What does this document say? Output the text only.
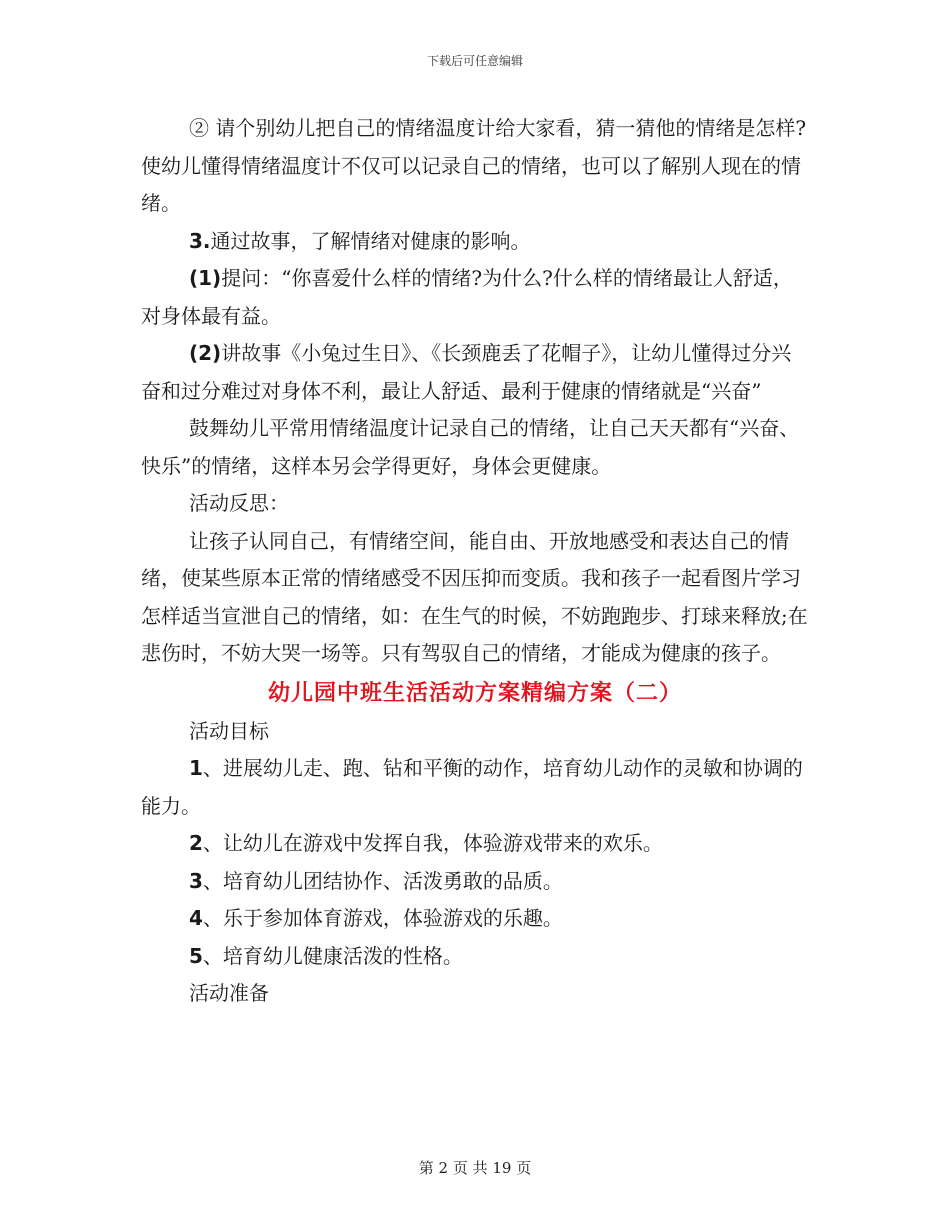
下载后可任意编辑

② 请个别幼儿把自己的情绪温度计给大家看，猜一猜他的情绪是怎样?使幼儿懂得情绪温度计不仅可以记录自己的情绪，也可以了解别人现在的情绪。

3.通过故事，了解情绪对健康的影响。

(1)提问：“你喜爱什么样的情绪?为什么?什么样的情绪最让人舒适，对身体最有益。

(2)讲故事《小兔过生日》、《长颈鹿丢了花帽子》，让幼儿懂得过分兴奋和过分难过对身体不利，最让人舒适、最利于健康的情绪就是“兴奋”

鼓舞幼儿平常用情绪温度计记录自己的情绪，让自己天天都有“兴奋、快乐”的情绪，这样本另会学得更好，身体会更健康。

活动反思：

让孩子认同自己，有情绪空间，能自由、开放地感受和表达自己的情绪，使某些原本正常的情绪感受不因压抑而变质。我和孩子一起看图片学习怎样适当宣泄自己的情绪，如：在生气的时候，不妨跑跑步、打球来释放;在悲伤时，不妨大哭一场等。只有驾驭自己的情绪，才能成为健康的孩子。

幼儿园中班生活活动方案精编方案（二）

活动目标

1、进展幼儿走、跑、钻和平衡的动作，培育幼儿动作的灵敏和协调的能力。

2、让幼儿在游戏中发挥自我，体验游戏带来的欢乐。

3、培育幼儿团结协作、活泼勇敢的品质。

4、乐于参加体育游戏，体验游戏的乐趣。

5、培育幼儿健康活泼的性格。

活动准备

第 2 页 共 19 页
